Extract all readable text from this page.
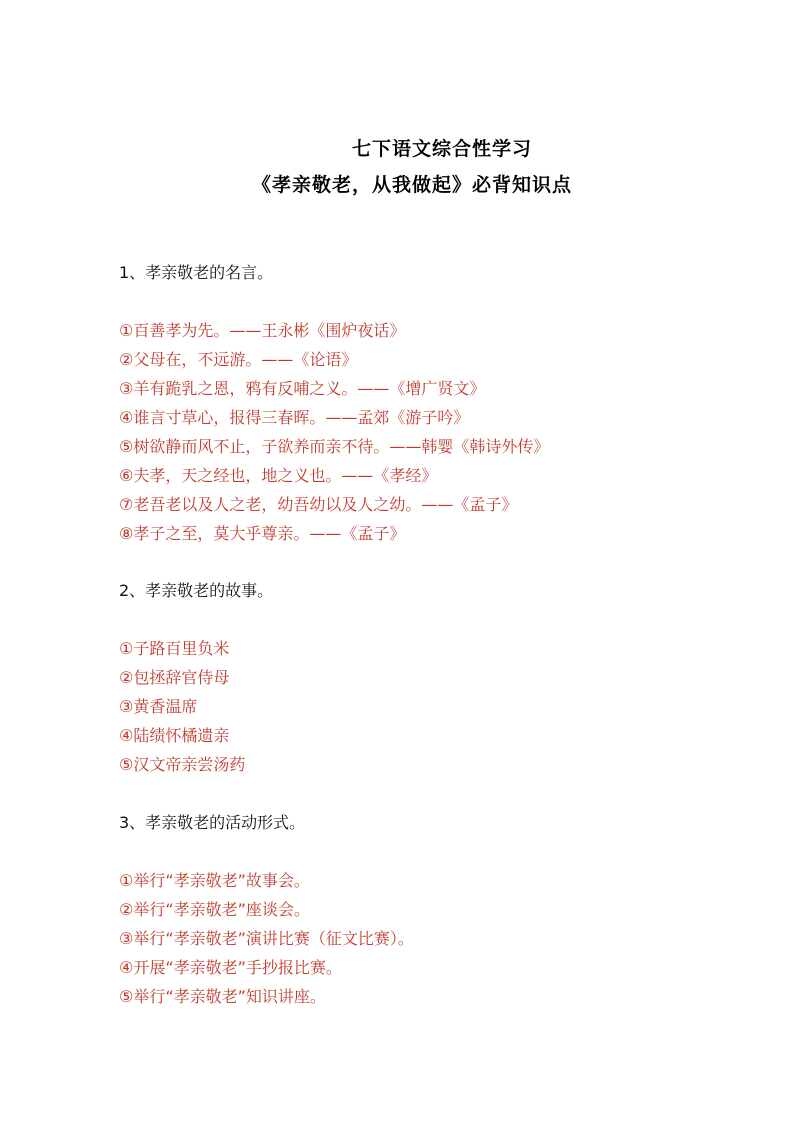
七下语文综合性学习
《孝亲敬老，从我做起》必背知识点
1、孝亲敬老的名言。
①百善孝为先。——王永彬《围炉夜话》
②父母在，不远游。——《论语》
③羊有跪乳之恩，鸦有反哺之义。——《增广贤文》
④谁言寸草心，报得三春晖。——孟郊《游子吟》
⑤树欲静而风不止，子欲养而亲不待。——韩婴《韩诗外传》
⑥夫孝，天之经也，地之义也。——《孝经》
⑦老吾老以及人之老，幼吾幼以及人之幼。——《孟子》
⑧孝子之至，莫大乎尊亲。——《孟子》
2、孝亲敬老的故事。
①子路百里负米
②包拯辞官侍母
③黄香温席
④陆绩怀橘遗亲
⑤汉文帝亲尝汤药
3、孝亲敬老的活动形式。
①举行“孝亲敬老”故事会。
②举行“孝亲敬老”座谈会。
③举行“孝亲敬老”演讲比赛（征文比赛）。
④开展“孝亲敬老”手抄报比赛。
⑤举行“孝亲敬老”知识讲座。
